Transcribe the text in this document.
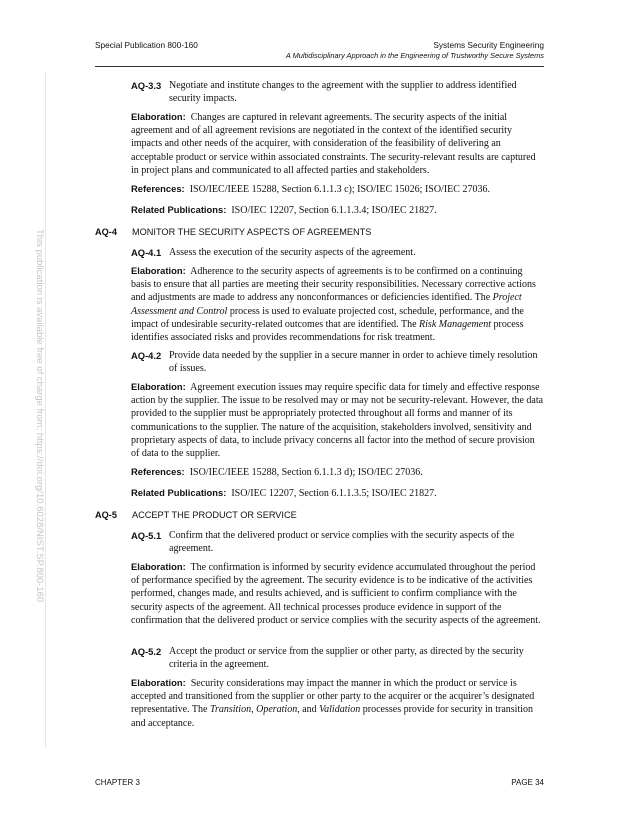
Special Publication 800-160	Systems Security Engineering
A Multidisciplinary Approach in the Engineering of Trustworthy Secure Systems
This publication is available free of charge from: https://doi.org/10.6028/NIST.SP.800-160
AQ-3.3 Negotiate and institute changes to the agreement with the supplier to address identified security impacts.
Elaboration: Changes are captured in relevant agreements. The security aspects of the initial agreement and of all agreement revisions are negotiated in the context of the identified security impacts and other needs of the acquirer, with consideration of the feasibility of delivering an acceptable product or service within associated constraints. The security-relevant results are captured in project plans and communicated to all affected parties and stakeholders.
References: ISO/IEC/IEEE 15288, Section 6.1.1.3 c); ISO/IEC 15026; ISO/IEC 27036.
Related Publications: ISO/IEC 12207, Section 6.1.1.3.4; ISO/IEC 21827.
AQ-4 MONITOR THE SECURITY ASPECTS OF AGREEMENTS
AQ-4.1 Assess the execution of the security aspects of the agreement.
Elaboration: Adherence to the security aspects of agreements is to be confirmed on a continuing basis to ensure that all parties are meeting their security responsibilities. Necessary corrective actions and adjustments are made to address any nonconformances or deficiencies identified. The Project Assessment and Control process is used to evaluate projected cost, schedule, performance, and the impact of undesirable security-related outcomes that are identified. The Risk Management process identifies associated risks and provides recommendations for risk treatment.
AQ-4.2 Provide data needed by the supplier in a secure manner in order to achieve timely resolution of issues.
Elaboration: Agreement execution issues may require specific data for timely and effective response action by the supplier. The issue to be resolved may or may not be security-relevant. However, the data provided to the supplier must be appropriately protected throughout all forms and manner of its communications to the supplier. The nature of the acquisition, stakeholders involved, sensitivity and proprietary aspects of data, to include privacy concerns all factor into the method of secure provision of data to the supplier.
References: ISO/IEC/IEEE 15288, Section 6.1.1.3 d); ISO/IEC 27036.
Related Publications: ISO/IEC 12207, Section 6.1.1.3.5; ISO/IEC 21827.
AQ-5 ACCEPT THE PRODUCT OR SERVICE
AQ-5.1 Confirm that the delivered product or service complies with the security aspects of the agreement.
Elaboration: The confirmation is informed by security evidence accumulated throughout the period of performance specified by the agreement. The security evidence is to be indicative of the activities performed, changes made, and results achieved, and is sufficient to confirm compliance with the security aspects of the agreement. All technical processes produce evidence in support of the confirmation that the delivered product or service complies with the security aspects of the agreement.
AQ-5.2 Accept the product or service from the supplier or other party, as directed by the security criteria in the agreement.
Elaboration: Security considerations may impact the manner in which the product or service is accepted and transitioned from the supplier or other party to the acquirer or the acquirer’s designated representative. The Transition, Operation, and Validation processes provide for security in transition and acceptance.
CHAPTER 3	PAGE 34
